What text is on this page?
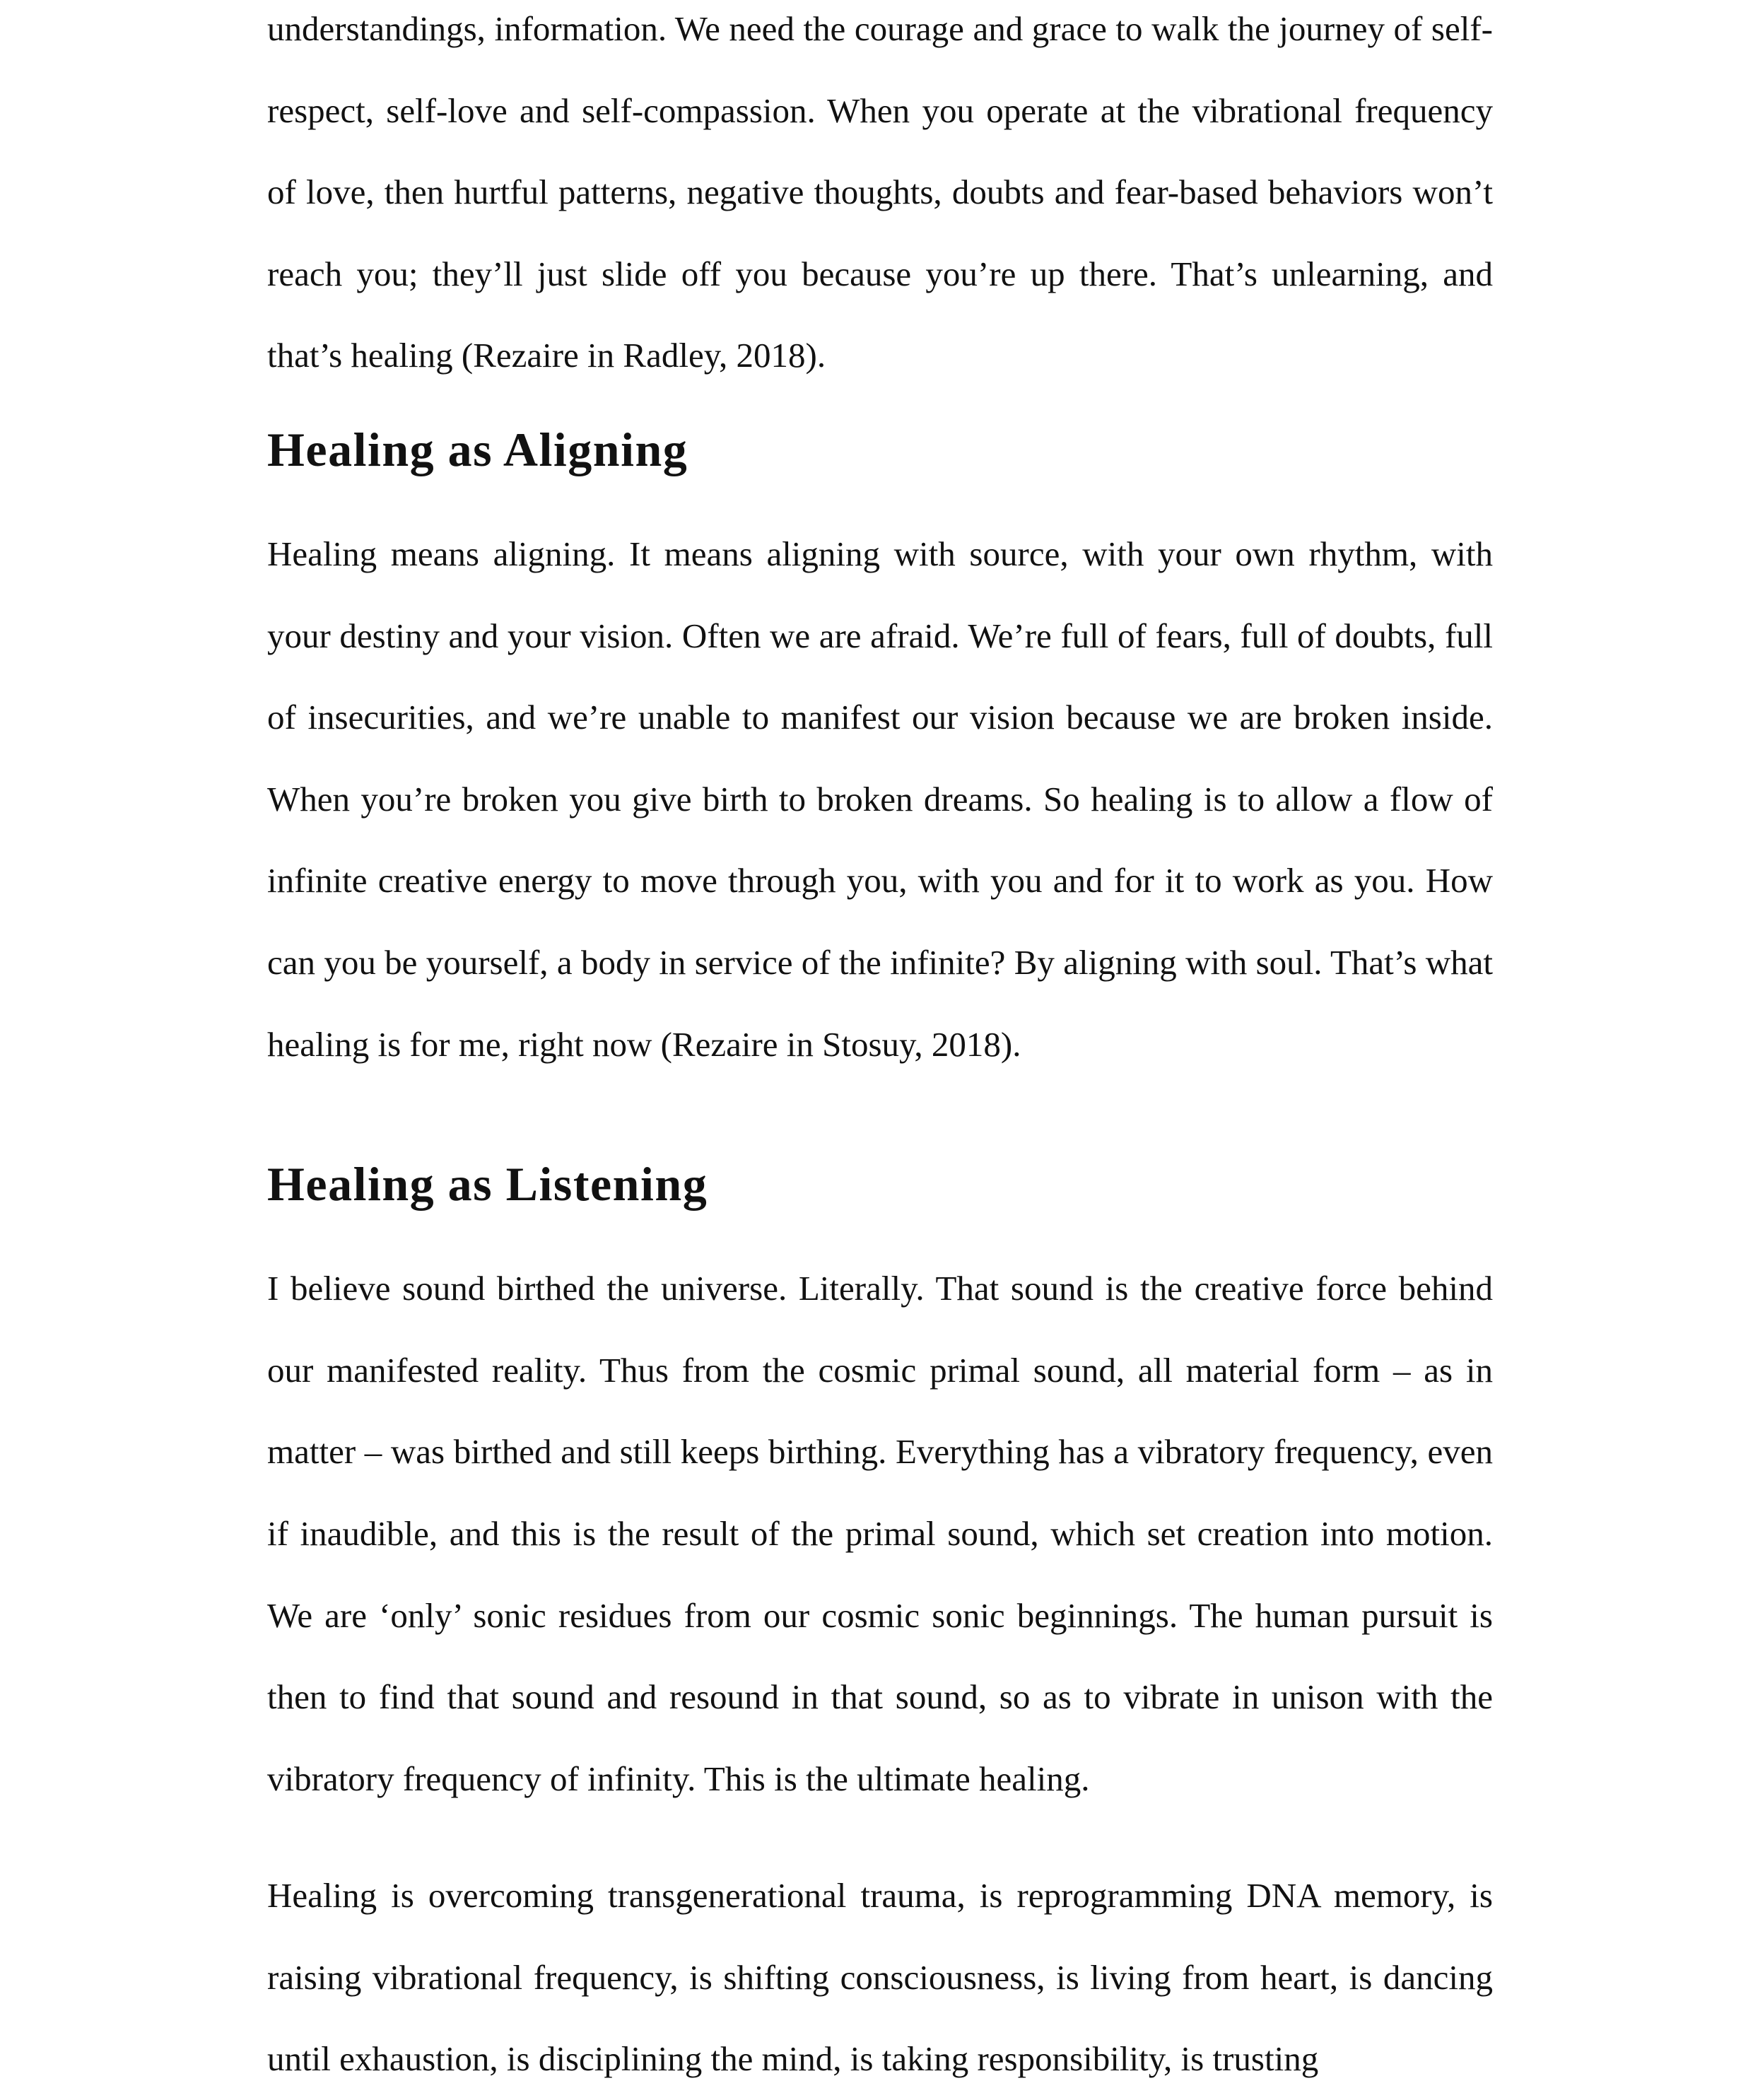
understandings, information. We need the courage and grace to walk the journey of self-respect, self-love and self-compassion. When you operate at the vibrational frequency of love, then hurtful patterns, negative thoughts, doubts and fear-based behaviors won’t reach you; they’ll just slide off you because you’re up there. That’s unlearning, and that’s healing (Rezaire in Radley, 2018).

Healing as Aligning

Healing means aligning. It means aligning with source, with your own rhythm, with your destiny and your vision. Often we are afraid. We’re full of fears, full of doubts, full of insecurities, and we’re unable to manifest our vision because we are broken inside. When you’re broken you give birth to broken dreams. So healing is to allow a flow of infinite creative energy to move through you, with you and for it to work as you. How can you be yourself, a body in service of the infinite? By aligning with soul. That’s what healing is for me, right now (Rezaire in Stosuy, 2018).

Healing as Listening

I believe sound birthed the universe. Literally. That sound is the creative force behind our manifested reality. Thus from the cosmic primal sound, all material form – as in matter – was birthed and still keeps birthing. Everything has a vibratory frequency, even if inaudible, and this is the result of the primal sound, which set creation into motion. We are ‘only’ sonic residues from our cosmic sonic beginnings. The human pursuit is then to find that sound and resound in that sound, so as to vibrate in unison with the vibratory frequency of infinity. This is the ultimate healing.

Healing is overcoming transgenerational trauma, is reprogramming DNA memory, is raising vibrational frequency, is shifting consciousness, is living from heart, is dancing until exhaustion, is disciplining the mind, is taking responsibility, is trusting
